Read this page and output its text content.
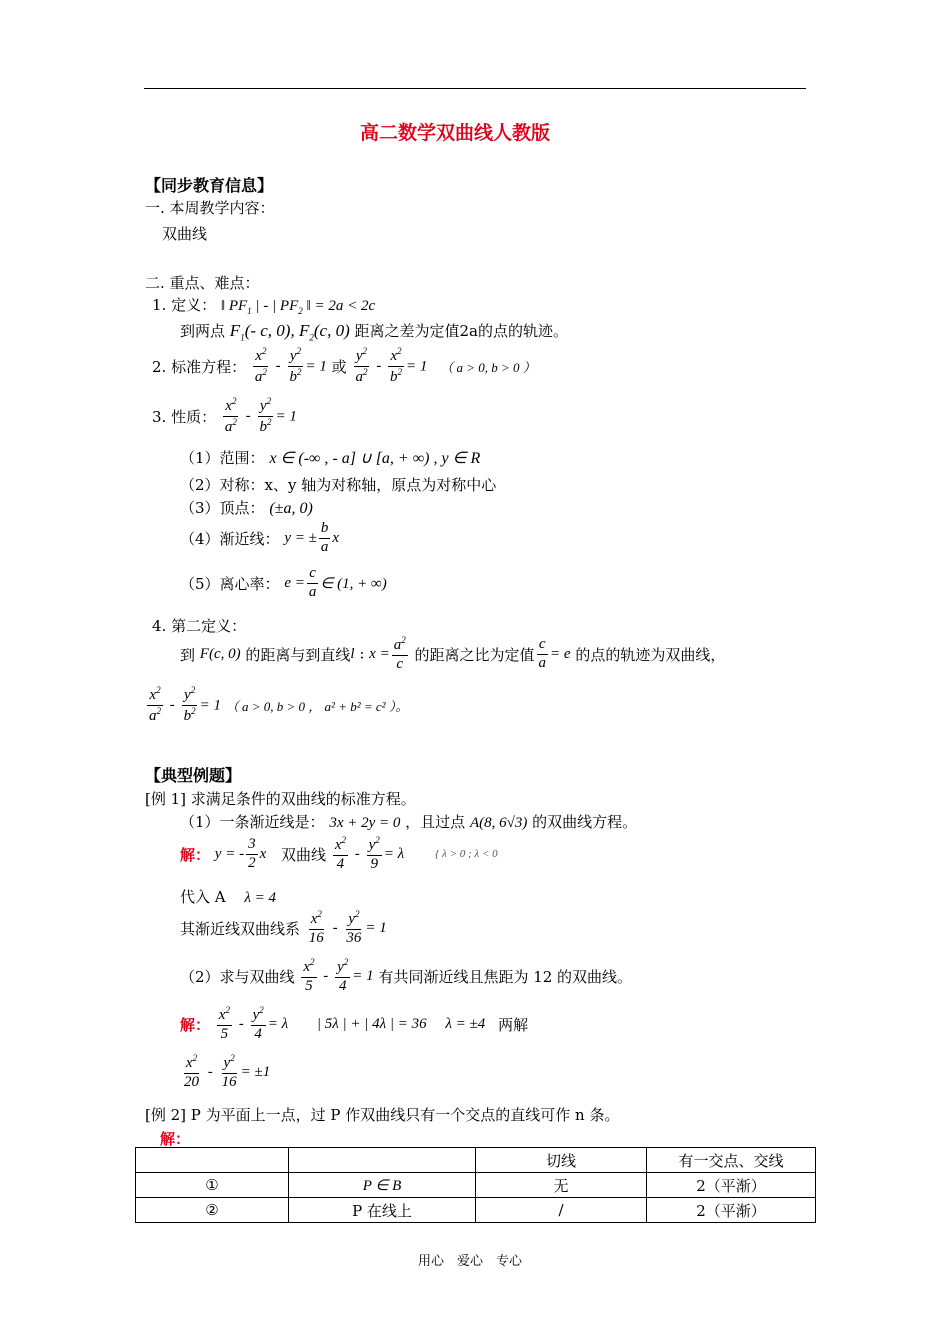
高二数学双曲线人教版
【同步教育信息】
一. 本周教学内容：
双曲线
二. 重点、难点：
1. 定义： ‖ $PF_1$ | - | $PF_2$ ‖ = 2a < 2c
到两点 $F_1(-$ c, 0), $F_2(c$, 0) 距离之差为定值2a的点的轨迹。
2. 标准方程： $\frac{x^2}{a^2} - \frac{y^2}{b^2} = 1$ 或 $\frac{y^2}{a^2} - \frac{x^2}{b^2} = 1$ （ a > 0, b > 0 ）
3. 性质： $\frac{x^2}{a^2} - \frac{y^2}{b^2} = 1$
（1）范围： x ∈ (-∞ , - a] ∪ [a, + ∞) , y ∈ R
（2）对称：x、y 轴为对称轴，原点为对称中心
（3）顶点： (±a, 0)
（4）渐近线： y = ± $\frac{b}{a}$ x
（5）离心率： $e = \frac{c}{a}$ ∈ (1, + ∞)
4. 第二定义：
到 F(c, 0) 的距离与到直线l : $x = \frac{a^2}{c}$ 的距离之比为定值 $\frac{c}{a} = e$ 的点的轨迹为双曲线，
$\frac{x^2}{a^2} - \frac{y^2}{b^2} = 1$ （ a > 0, b > 0 ， a² + b² = c² ）。
【典型例题】
[例 1] 求满足条件的双曲线的标准方程。
（1）一条渐近线是： 3x + 2y = 0 ，且过点 A(8, 6√3) 的双曲线方程。
解： y = - $\frac{3}{2}$ x 双曲线 $\frac{x^2}{4} - \frac{y^2}{9} = \lambda$	{ λ > 0 ; λ < 0
代入 A λ = 4
其渐近线双曲线系 $\frac{x^2}{16} - \frac{y^2}{36} = 1$
（2）求与双曲线 $\frac{x^2}{5} - \frac{y^2}{4} = 1$ 有共同渐近线且焦距为 12 的双曲线。
解： $\frac{x^2}{5} - \frac{y^2}{4} = \lambda$ | 5λ | + | 4λ | = 36 λ = ±4 两解
$\frac{x^2}{20} - \frac{y^2}{16} = \pm 1$
[例 2] P 为平面上一点，过 P 作双曲线只有一个交点的直线可作 n 条。
解：
		切线	有一交点、交线
①	P ∈ B	无	2（平渐）
②	P 在线上	/	2（平渐）
用心　爱心　专心
